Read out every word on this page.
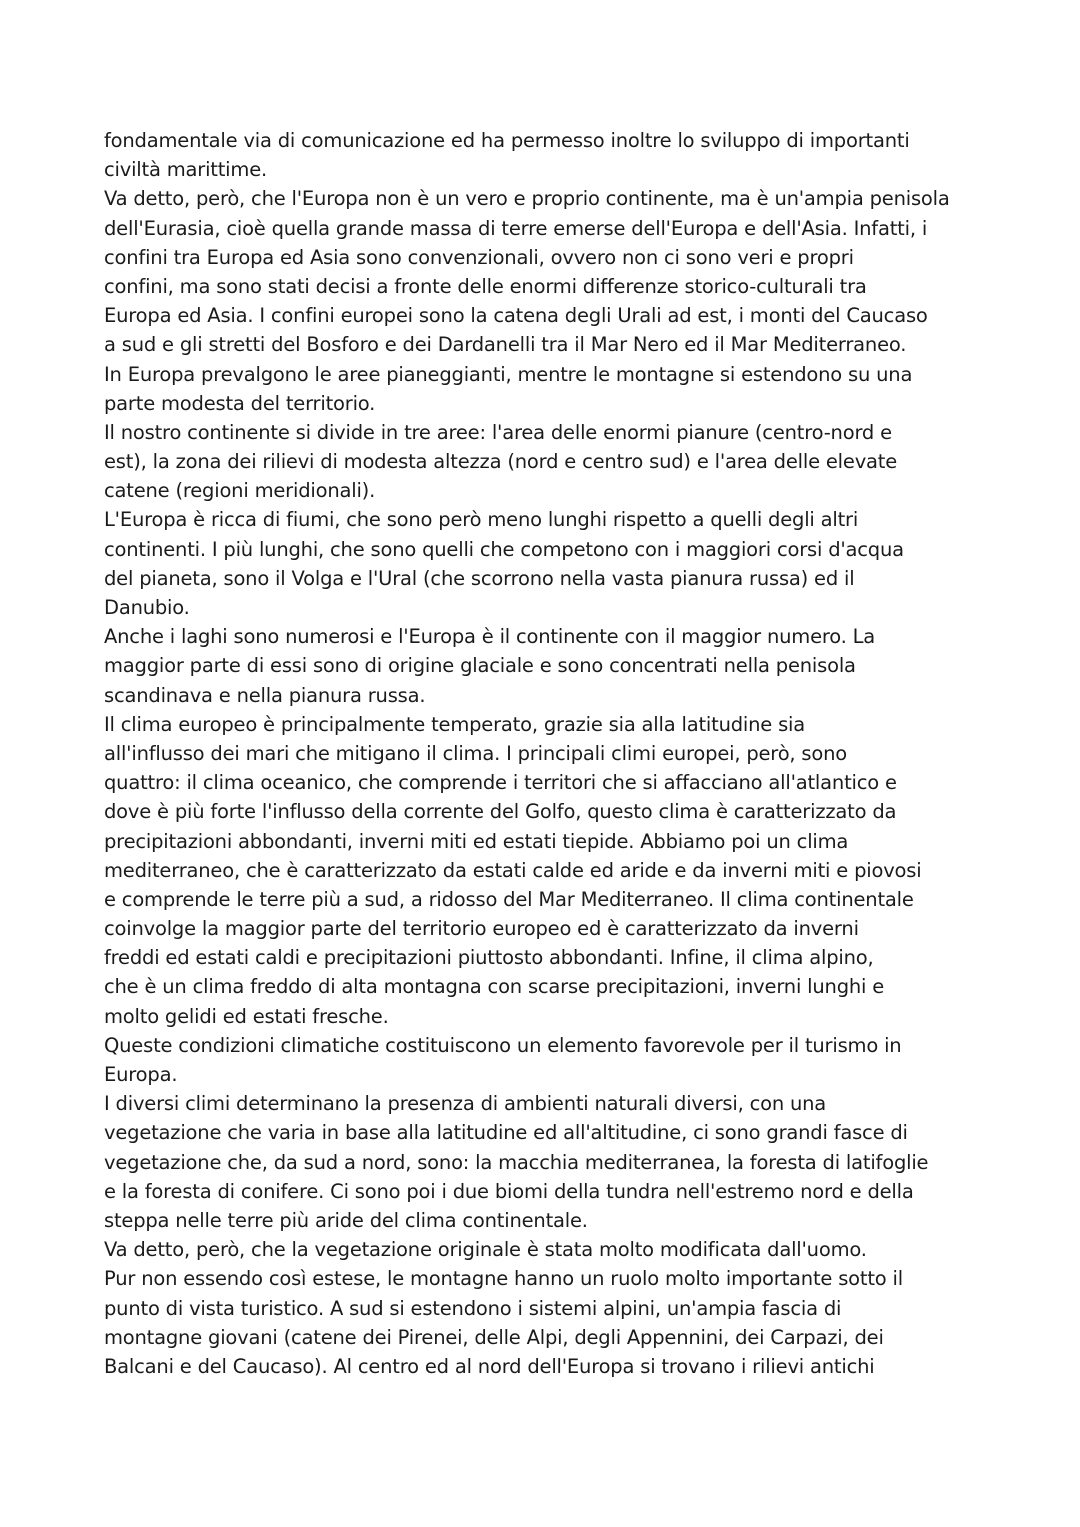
fondamentale via di comunicazione ed ha permesso inoltre lo sviluppo di importanti
civiltà marittime.
Va detto, però, che l'Europa non è un vero e proprio continente, ma è un'ampia penisola
dell'Eurasia, cioè quella grande massa di terre emerse dell'Europa e dell'Asia. Infatti, i
confini tra Europa ed Asia sono convenzionali, ovvero non ci sono veri e propri
confini, ma sono stati decisi a fronte delle enormi differenze storico-culturali tra
Europa ed Asia. I confini europei sono la catena degli Urali ad est, i monti del Caucaso
a sud e gli stretti del Bosforo e dei Dardanelli tra il Mar Nero ed il Mar Mediterraneo.
In Europa prevalgono le aree pianeggianti, mentre le montagne si estendono su una
parte modesta del territorio.
Il nostro continente si divide in tre aree: l'area delle enormi pianure (centro-nord e
est), la zona dei rilievi di modesta altezza (nord e centro sud) e l'area delle elevate
catene (regioni meridionali).
L'Europa è ricca di fiumi, che sono però meno lunghi rispetto a quelli degli altri
continenti. I più lunghi, che sono quelli che competono con i maggiori corsi d'acqua
del pianeta, sono il Volga e l'Ural (che scorrono nella vasta pianura russa) ed il
Danubio.
Anche i laghi sono numerosi e l'Europa è il continente con il maggior numero. La
maggior parte di essi sono di origine glaciale e sono concentrati nella penisola
scandinava e nella pianura russa.
Il clima europeo è principalmente temperato, grazie sia alla latitudine sia
all'influsso dei mari che mitigano il clima. I principali climi europei, però, sono
quattro: il clima oceanico, che comprende i territori che si affacciano all'atlantico e
dove è più forte l'influsso della corrente del Golfo, questo clima è caratterizzato da
precipitazioni abbondanti, inverni miti ed estati tiepide. Abbiamo poi un clima
mediterraneo, che è caratterizzato da estati calde ed aride e da inverni miti e piovosi
e comprende le terre più a sud, a ridosso del Mar Mediterraneo. Il clima continentale
coinvolge la maggior parte del territorio europeo ed è caratterizzato da inverni
freddi ed estati caldi e precipitazioni piuttosto abbondanti. Infine, il clima alpino,
che è un clima freddo di alta montagna con scarse precipitazioni, inverni lunghi e
molto gelidi ed estati fresche.
Queste condizioni climatiche costituiscono un elemento favorevole per il turismo in
Europa.
I diversi climi determinano la presenza di ambienti naturali diversi, con una
vegetazione che varia in base alla latitudine ed all'altitudine, ci sono grandi fasce di
vegetazione che, da sud a nord, sono: la macchia mediterranea, la foresta di latifoglie
e la foresta di conifere. Ci sono poi i due biomi della tundra nell'estremo nord e della
steppa nelle terre più aride del clima continentale.
Va detto, però, che la vegetazione originale è stata molto modificata dall'uomo.
Pur non essendo così estese, le montagne hanno un ruolo molto importante sotto il
punto di vista turistico. A sud si estendono i sistemi alpini, un'ampia fascia di
montagne giovani (catene dei Pirenei, delle Alpi, degli Appennini, dei Carpazi, dei
Balcani e del Caucaso). Al centro ed al nord dell'Europa si trovano i rilievi antichi
